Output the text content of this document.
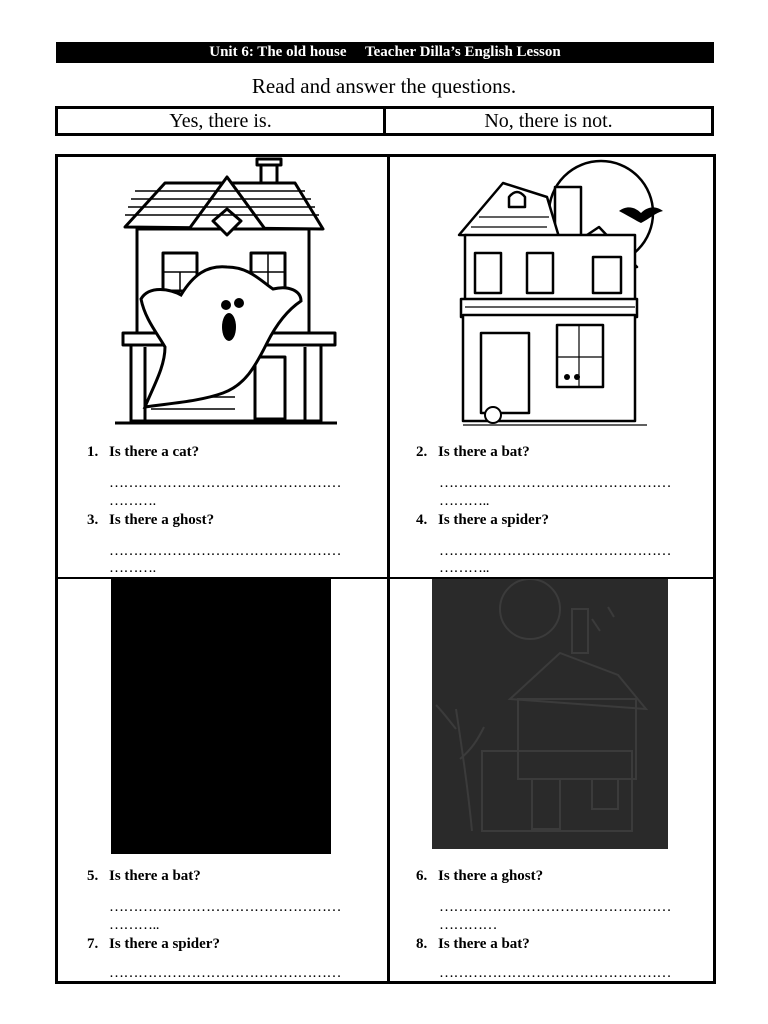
Unit 6: The old house Teacher Dilla’s English Lesson
Read and answer the questions.
Yes, there is.	No, there is not.
1. Is there a cat?
…………………………………………
……….
3. Is there a ghost?
…………………………………………
……….
2. Is there a bat?
…………………………………………
………..
4. Is there a spider?
…………………………………………
………..
5. Is there a bat?
…………………………………………
………..
7. Is there a spider?
…………………………………………
6. Is there a ghost?
…………………………………………
…………
8. Is there a bat?
…………………………………………
